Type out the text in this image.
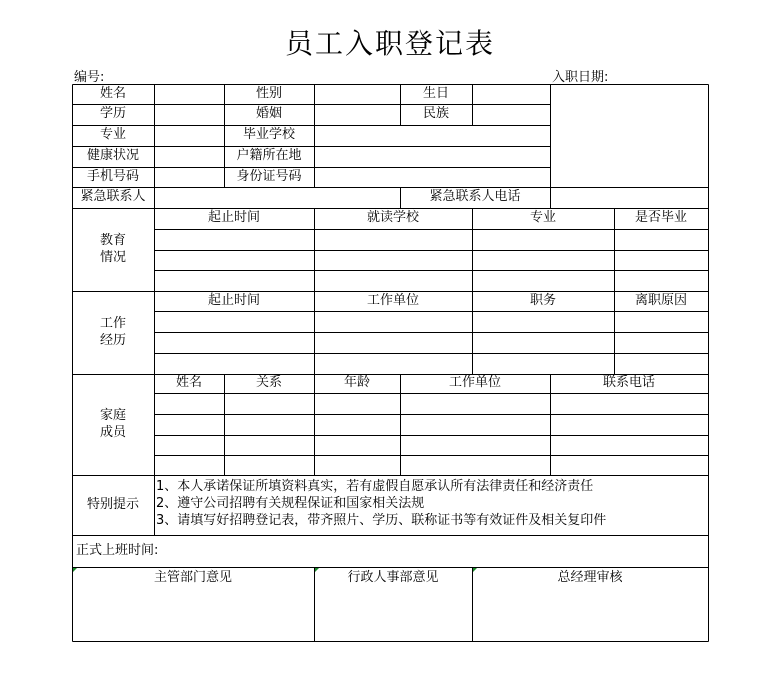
员工入职登记表
编号:	入职日期:
姓名	性别	生日
学历	婚姻	民族
专业	毕业学校
健康状况	户籍所在地
手机号码	身份证号码
紧急联系人	紧急联系人电话
教育
情况
起止时间	就读学校	专业	是否毕业
工作
经历
起止时间	工作单位	职务	离职原因
家庭
成员
姓名	关系	年龄	工作单位	联系电话
特别提示
1、本人承诺保证所填资料真实，若有虚假自愿承认所有法律责任和经济责任
2、遵守公司招聘有关规程保证和国家相关法规
3、请填写好招聘登记表，带齐照片、学历、联称证书等有效证件及相关复印件
正式上班时间:
主管部门意见	行政人事部意见	总经理审核
